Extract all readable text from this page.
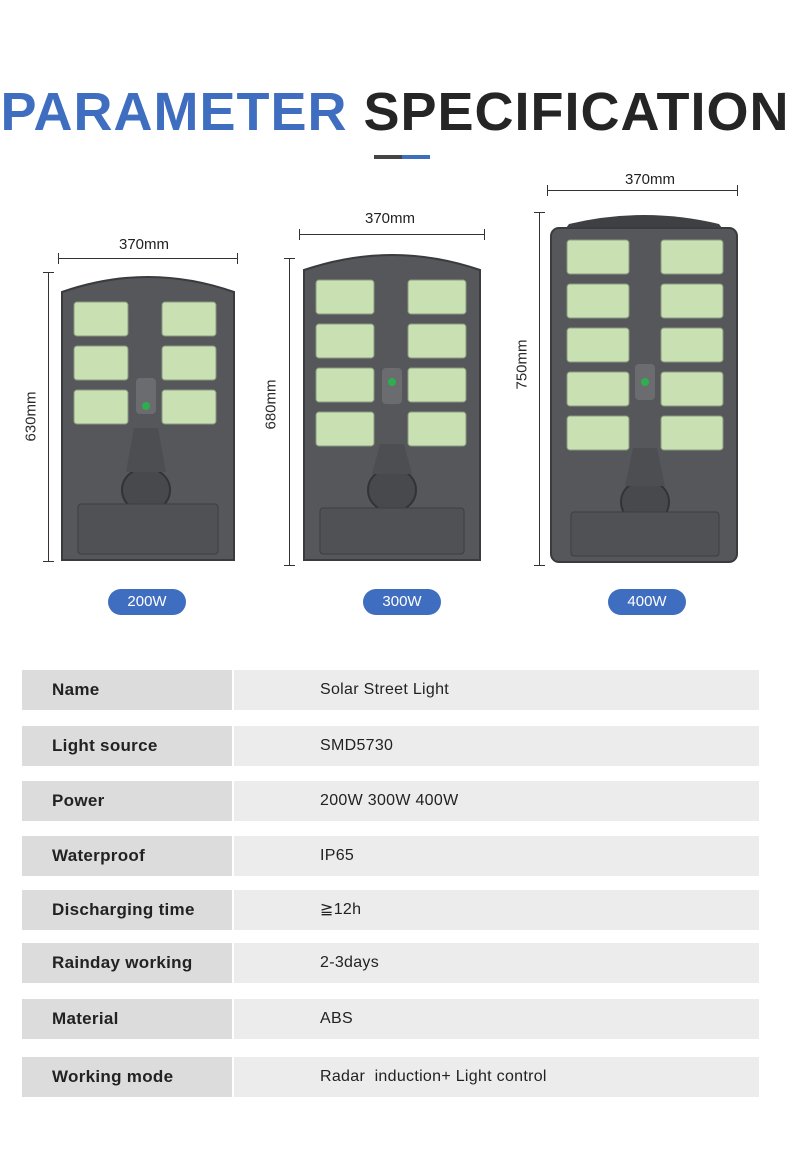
PARAMETER SPECIFICATION
370mm
630mm
200W
370mm
680mm
300W
370mm
750mm
400W
Name	Solar Street Light
Light source	SMD5730
Power	200W 300W 400W
Waterproof	IP65
Discharging time	≧12h
Rainday working	2-3days
Material	ABS
Working mode	Radar  induction+ Light control
